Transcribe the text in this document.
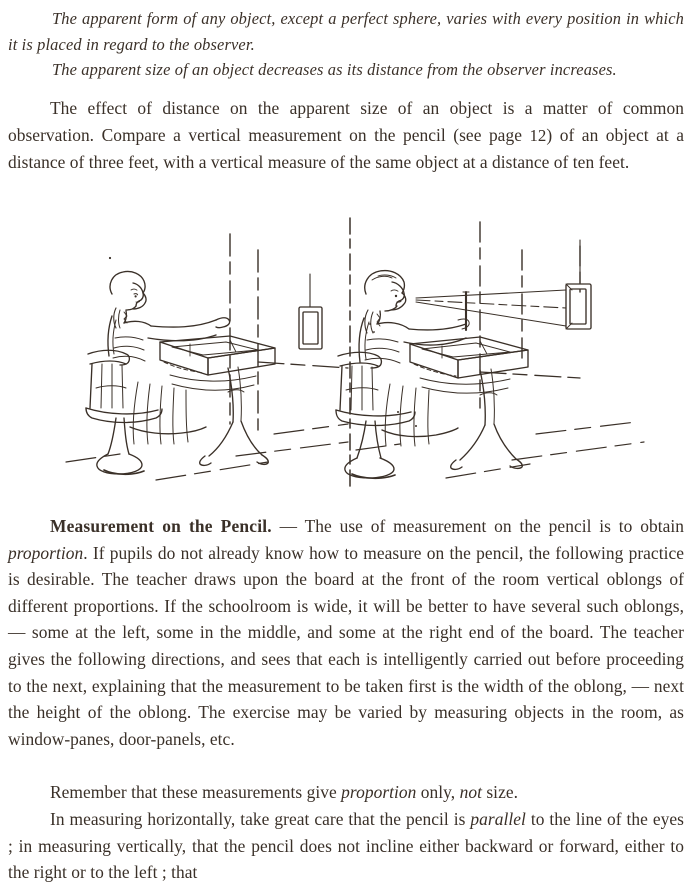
The apparent form of any object, except a perfect sphere, varies with every position in which it is placed in regard to the observer.

The apparent size of an object decreases as its distance from the observer increases.

The effect of distance on the apparent size of an object is a matter of common observation. Compare a vertical measurement on the pencil (see page 12) of an object at a distance of three feet, with a vertical measure of the same object at a distance of ten feet.

Measurement on the Pencil. — The use of measurement on the pencil is to obtain proportion. If pupils do not already know how to measure on the pencil, the following practice is desirable. The teacher draws upon the board at the front of the room vertical oblongs of different proportions. If the schoolroom is wide, it will be better to have several such oblongs, — some at the left, some in the middle, and some at the right end of the board. The teacher gives the following directions, and sees that each is intelligently carried out before proceeding to the next, explaining that the measurement to be taken first is the width of the oblong, — next the height of the oblong. The exercise may be varied by measuring objects in the room, as window-panes, door-panels, etc.

Remember that these measurements give proportion only, not size.

In measuring horizontally, take great care that the pencil is parallel to the line of the eyes ; in measuring vertically, that the pencil does not incline either backward or forward, either to the right or to the left ; that
